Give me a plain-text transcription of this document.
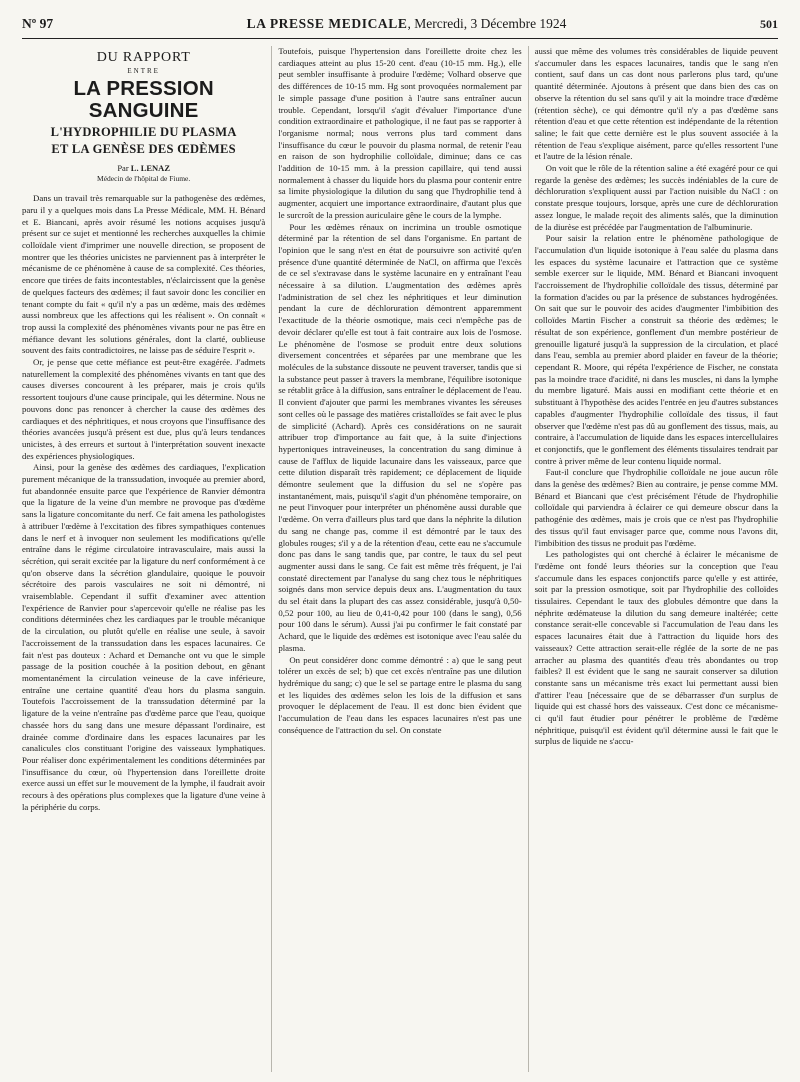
Nº 97	LA PRESSE MEDICALE, Mercredi, 3 Décembre 1924	501
DU RAPPORT
ENTRE
LA PRESSION SANGUINE
L'HYDROPHILIE DU PLASMA
ET LA GENÈSE DES ŒDÈMES
Par L. LENAZ
Médecin de l'hôpital de Fiume.

Dans un travail très remarquable sur la pathogenèse des œdèmes, paru il y a quelques mois dans La Presse Médicale, MM. H. Bénard et E. Biancani, après avoir résumé les notions acquises jusqu'à présent sur ce sujet et mentionné les recherches auxquelles la chimie colloïdale vient d'imprimer une nouvelle direction, se proposent de montrer que les théories unicistes ne parviennent pas à interpréter le mécanisme de ce phénomène à cause de sa complexité. Ces théories, encore que tirées de faits incontestables, n'éclaircissent que la genèse de quelques facteurs des œdèmes; il faut savoir donc les concilier en tenant compte du fait « qu'il n'y a pas un œdème, mais des œdèmes aussi nombreux que les affections qui les réalisent ». On connaît « trop aussi la complexité des phénomènes vivants pour ne pas être en méfiance devant les solutions générales, dont la clarté, oublieuse souvent des faits contradictoires, ne laisse pas de séduire l'esprit ».

Or, je pense que cette méfiance est peut-être exagérée. J'admets naturellement la complexité des phénomènes vivants en tant que des causes diverses concourent à les préparer, mais je crois qu'ils ressortent toujours d'une cause principale, qui les détermine. Nous ne pouvons donc pas renoncer à chercher la cause des œdèmes des cardiaques et des néphritiques, et nous croyons que l'insuffisance des théories avancées jusqu'à présent est due, plus qu'à leurs tendances unicistes, à des erreurs et surtout à l'interprétation souvent inexacte des expériences physiologiques.

Ainsi, pour la genèse des œdèmes des cardiaques, l'explication purement mécanique de la transsudation, invoquée au premier abord, fut abandonnée ensuite parce que l'expérience de Ranvier démontra que la ligature de la veine d'un membre ne provoque pas d'œdème sans la ligature concomitante du nerf. Ce fait amena les pathologistes à attribuer l'œdème à l'excitation des fibres sympathiques contenues dans le nerf et à invoquer non seulement les modifications qu'elle entraîne dans le régime circulatoire intravasculaire, mais aussi la sécrétion, qui serait excitée par la ligature du nerf conformément à ce qu'on observe dans la sécrétion glandulaire, quoique le pouvoir sécrétoire des parois vasculaires ne soit ni démontré, ni vraisemblable. Cependant il suffit d'examiner avec attention l'expérience de Ranvier pour s'apercevoir qu'elle ne réalise pas les conditions déterminées chez les cardiaques par le trouble mécanique de la circulation, ou plutôt qu'elle en réalise une seule, à savoir l'accroissement de la transsudation dans les espaces lacunaires. Ce fait n'est pas douteux : Achard et Demanche ont vu que le simple passage de la position couchée à la position debout, en gênant momentanément la circulation veineuse de la cave inférieure, entraîne une certaine quantité d'eau hors du plasma sanguin. Toutefois l'accroissement de la transsudation déterminé par la ligature de la veine n'entraîne pas d'œdème parce que l'eau, quoique chassée hors du sang dans une mesure dépassant l'ordinaire, est drainée comme d'ordinaire dans les espaces lacunaires par les canalicules clos constituant l'origine des vaisseaux lymphatiques. Pour réaliser donc expérimentalement les conditions déterminées par l'insuffisance du cœur, où l'hypertension dans l'oreillette droite exerce aussi un effet sur le mouvement de la lymphe, il faudrait avoir recours à des opérations plus complexes que la ligature d'une veine à la périphérie du corps.

Toutefois, puisque l'hypertension dans l'oreillette droite chez les cardiaques atteint au plus 15-20 cent. d'eau (10-15 mm. Hg.), elle peut sembler insuffisante à produire l'œdème; Volhard observe que des différences de 10-15 mm. Hg sont provoquées normalement par le simple passage d'une position à l'autre sans entraîner aucun trouble. Cependant, lorsqu'il s'agit d'évaluer l'importance d'une condition extraordinaire et pathologique, il ne faut pas se rapporter à l'organisme normal; nous verrons plus tard comment dans l'insuffisance du cœur le pouvoir du plasma normal, de retenir l'eau en raison de son hydrophilie colloïdale, diminue; dans ce cas l'addition de 10-15 mm. à la pression capillaire, qui tend aussi normalement à chasser du liquide hors du plasma pour contenir entre sa limite physiologique la dilution du sang que l'hydrophilie tend à augmenter, acquiert une importance extraordinaire, d'autant plus que le surcroît de la pression auriculaire gêne le cours de la lymphe.

Pour les œdèmes rénaux on incrimina un trouble osmotique déterminé par la rétention de sel dans l'organisme. En partant de l'opinion que le sang n'est en état de poursuivre son activité qu'en présence d'une quantité déterminée de NaCl, on affirma que l'excès de ce sel s'extravase dans le système lacunaire en y entraînant l'eau nécessaire à sa dilution. L'augmentation des œdèmes après l'administration de sel chez les néphritiques et leur diminution pendant la cure de déchloruration démontrent apparemment l'exactitude de la théorie osmotique, mais ceci n'empêche pas de devoir déclarer qu'elle est tout à fait contraire aux lois de l'osmose. Le phénomène de l'osmose se produit entre deux solutions diversement concentrées et séparées par une membrane que les molécules de la substance dissoute ne peuvent traverser, tandis que si la substance peut passer à travers la membrane, l'équilibre isotonique se rétablit grâce à la diffusion, sans entraîner le déplacement de l'eau. Il convient d'ajouter que parmi les membranes vivantes les séreuses sont celles où le passage des matières cristalloïdes se fait avec le plus de simplicité (Achard). Après ces considérations on ne saurait attribuer trop d'importance au fait que, à la suite d'injections hypertoniques intraveineuses, la concentration du sang diminue à cause de l'afflux de liquide lacunaire dans les vaisseaux, parce que cette dilution disparaît très rapidement; ce déplacement de liquide démontre seulement que la diffusion du sel ne s'opère pas instantanément, mais, puisqu'il s'agit d'un phénomène temporaire, on ne peut l'invoquer pour interpréter un phénomène aussi durable que l'œdème. On verra d'ailleurs plus tard que dans la néphrite la dilution du sang ne change pas, comme il est démontré par le taux des globules rouges; s'il y a de la rétention d'eau, cette eau ne s'accumule donc pas dans le sang tandis que, par contre, le taux du sel peut augmenter aussi dans le sang. Ce fait est même très fréquent, je l'ai constaté directement par l'analyse du sang chez tous le néphritiques soignés dans mon service depuis deux ans. L'augmentation du taux du sel était dans la plupart des cas assez considérable, jusqu'à 0,50-0,52 pour 100, au lieu de 0,41-0,42 pour 100 (dans le sang), 0,56 pour 100 dans le sérum). Aussi j'ai pu confirmer le fait constaté par Achard, que le liquide des œdèmes est isotonique avec l'eau salée du plasma.

On peut considérer donc comme démontré : a) que le sang peut tolérer un excès de sel; b) que cet excès n'entraîne pas une dilution hydrémique du sang; c) que le sel se partage entre le plasma du sang et les liquides des œdèmes selon les lois de la diffusion et sans provoquer le déplacement de l'eau. Il est donc bien évident que l'accumulation de l'eau dans les espaces lacunaires n'est pas une conséquence de l'attraction du sel. On constate

aussi que même des volumes très considérables de liquide peuvent s'accumuler dans les espaces lacunaires, tandis que le sang n'en contient, sauf dans un cas dont nous parlerons plus tard, qu'une quantité déterminée. Ajoutons à présent que dans bien des cas on observe la rétention du sel sans qu'il y ait la moindre trace d'œdème (rétention sèche), ce qui démontre qu'il n'y a pas d'œdème sans rétention d'eau et que cette rétention est indépendante de la rétention saline; le fait que cette dernière est le plus souvent associée à la rétention de l'eau s'explique aisément, parce qu'elles ressortent l'une et l'autre de la lésion rénale.

On voit que le rôle de la rétention saline a été exagéré pour ce qui regarde la genèse des œdèmes; les succès indéniables de la cure de déchloruration s'expliquent aussi par l'action nuisible du NaCl : on constate presque toujours, lorsque, après une cure de déchloruration assez longue, le malade reçoit des aliments salés, que la diminution de la diurèse est précédée par l'augmentation de l'albuminurie.

Pour saisir la relation entre le phénomène pathologique de l'accumulation d'un liquide isotonique à l'eau salée du plasma dans les espaces du système lacunaire et l'attraction que ce système semble exercer sur le liquide, MM. Bénard et Biancani invoquent l'accroissement de l'hydrophilie colloïdale des tissus, déterminé par la formation d'acides ou par la présence de substances hydrogénées. On sait que sur le pouvoir des acides d'augmenter l'imbibition des colloïdes Martin Fischer a construit sa théorie des œdèmes; le résultat de son expérience, gonflement d'un membre postérieur de grenouille ligaturé jusqu'à la suppression de la circulation, et placé dans l'eau, sembla au premier abord plaider en faveur de la théorie; cependant R. Moore, qui répéta l'expérience de Fischer, ne constata pas la moindre trace d'acidité, ni dans les muscles, ni dans la lymphe du membre ligaturé. Mais aussi en modifiant cette théorie et en substituant à l'hypothèse des acides l'entrée en jeu d'autres substances capables d'augmenter l'hydrophilie colloïdale des tissus, il faut observer que l'œdème n'est pas dû au gonflement des tissus, mais, au contraire, à l'accumulation de liquide dans les espaces intercellulaires et conjonctifs, que le gonflement des éléments tissulaires tendrait par contre à priver même de leur contenu liquide normal.

Faut-il conclure que l'hydrophilie colloïdale ne joue aucun rôle dans la genèse des œdèmes? Bien au contraire, je pense comme MM. Bénard et Biancani que c'est précisément l'étude de l'hydrophilie colloïdale qui parviendra à éclairer ce qui demeure obscur dans la pathogénie des œdèmes, mais je crois que ce n'est pas l'hydrophilie des tissus qu'il faut envisager parce que, comme nous l'avons dit, l'imbibition des tissus ne produit pas l'œdème.

Les pathologistes qui ont cherché à éclairer le mécanisme de l'œdème ont fondé leurs théories sur la conception que l'eau s'accumule dans les espaces conjonctifs parce qu'elle y est attirée, soit par la pression osmotique, soit par l'hydrophilie des colloïdes tissulaires. Cependant le taux des globules démontre que dans la néphrite œdémateuse la dilution du sang demeure inaltérée; cette constance serait-elle concevable si l'accumulation de l'eau dans les espaces lacunaires était due à l'attraction du liquide hors des vaisseaux? Cette attraction serait-elle réglée de la sorte de ne pas arracher au plasma des quantités d'eau très abondantes ou trop faibles? Il est évident que le sang ne saurait conserver sa dilution constante sans un mécanisme très exact lui permettant aussi bien d'attirer l'eau [nécessaire que de se débarrasser d'un surplus de liquide qui est chassé hors des vaisseaux. C'est donc ce mécanisme-ci qu'il faut étudier pour pénétrer le problème de l'œdème néphritique, puisqu'il est évident qu'il détermine aussi le fait que le surplus de liquide ne s'accu-
